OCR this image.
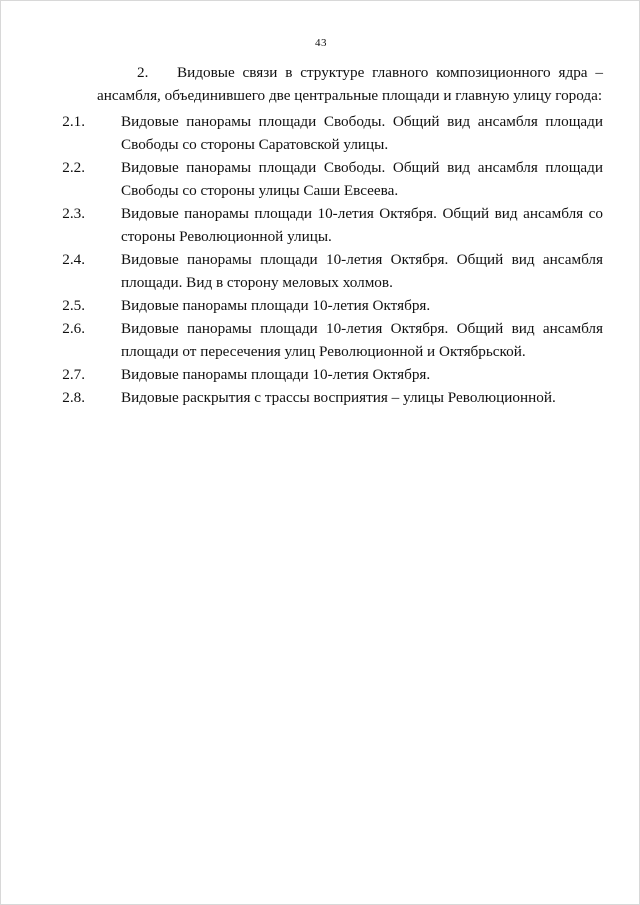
43

2. Видовые связи в структуре главного композиционного ядра – ансамбля, объединившего две центральные площади и главную улицу города:

2.1.	Видовые панорамы площади Свободы. Общий вид ансамбля площади Свободы со стороны Саратовской улицы.
2.2.	Видовые панорамы площади Свободы. Общий вид ансамбля площади Свободы со стороны улицы Саши Евсеева.
2.3.	Видовые панорамы площади 10-летия Октября. Общий вид ансамбля со стороны Революционной улицы.
2.4.	Видовые панорамы площади 10-летия Октября. Общий вид ансамбля площади. Вид в сторону меловых холмов.
2.5.	Видовые панорамы площади 10-летия Октября.
2.6.	Видовые панорамы площади 10-летия Октября. Общий вид ансамбля площади от пересечения улиц Революционной и Октябрьской.
2.7.	Видовые панорамы площади 10-летия Октября.
2.8.	Видовые раскрытия с трассы восприятия – улицы Революционной.
